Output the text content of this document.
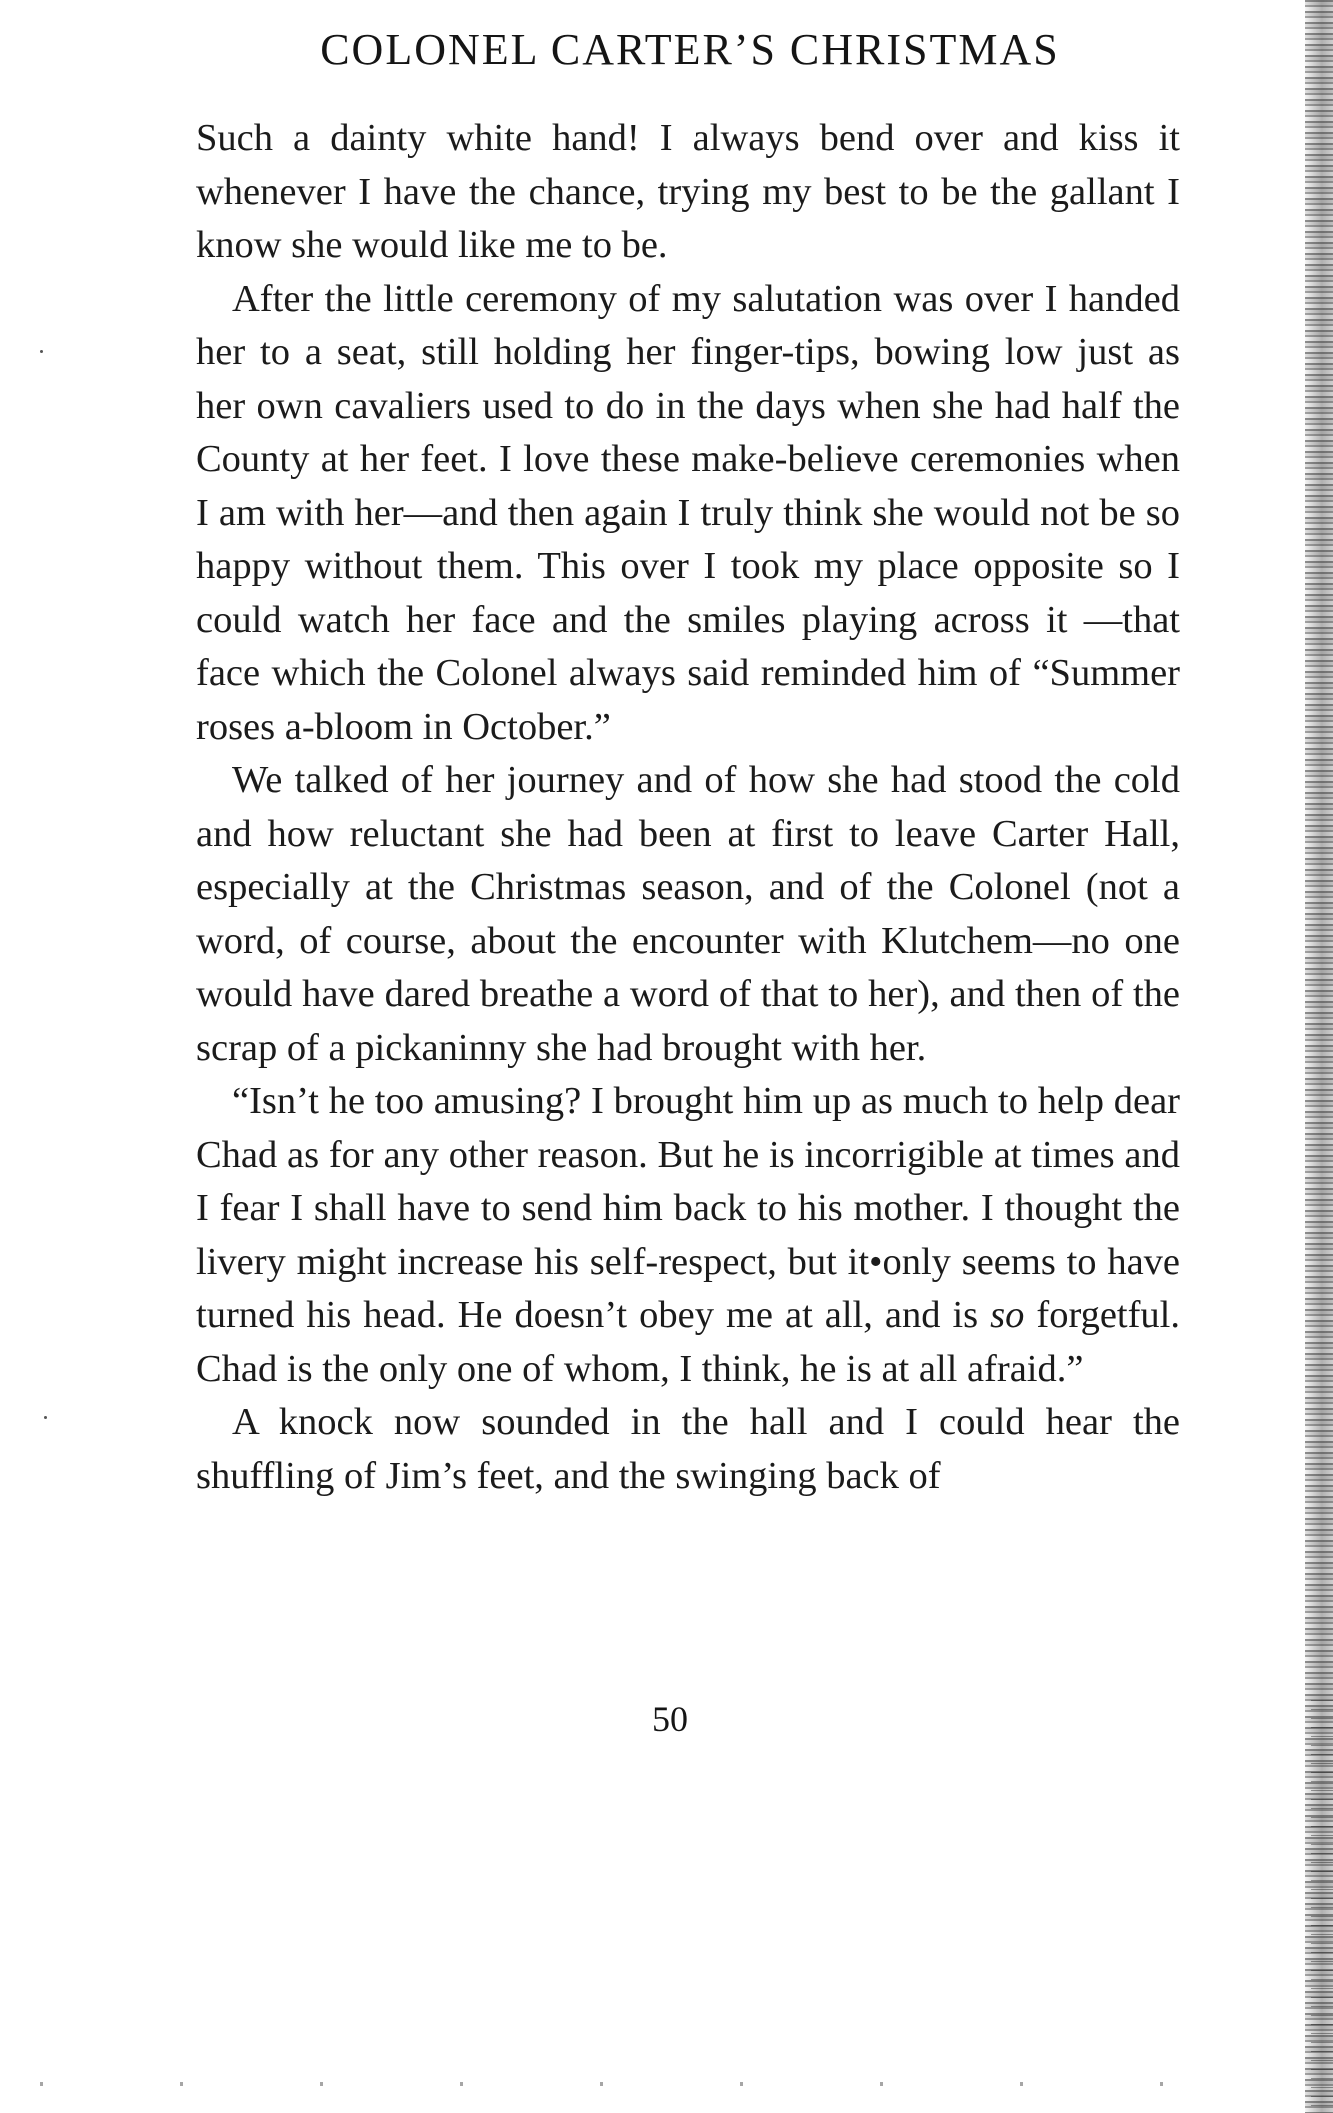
COLONEL CARTER’S CHRISTMAS

Such a dainty white hand! I always bend over and kiss it whenever I have the chance, trying my best to be the gallant I know she would like me to be.

After the little ceremony of my salutation was over I handed her to a seat, still holding her finger-tips, bowing low just as her own cavaliers used to do in the days when she had half the County at her feet. I love these make-believe ceremonies when I am with her—and then again I truly think she would not be so happy without them. This over I took my place opposite so I could watch her face and the smiles playing across it —that face which the Colonel always said reminded him of “Summer roses a-bloom in October.”

We talked of her journey and of how she had stood the cold and how reluctant she had been at first to leave Carter Hall, especially at the Christmas season, and of the Colonel (not a word, of course, about the encounter with Klutchem—no one would have dared breathe a word of that to her), and then of the scrap of a pickaninny she had brought with her.

“Isn’t he too amusing? I brought him up as much to help dear Chad as for any other reason. But he is incorrigible at times and I fear I shall have to send him back to his mother. I thought the livery might increase his self-respect, but it•only seems to have turned his head. He doesn’t obey me at all, and is so forgetful. Chad is the only one of whom, I think, he is at all afraid.”

A knock now sounded in the hall and I could hear the shuffling of Jim’s feet, and the swinging back of

50
